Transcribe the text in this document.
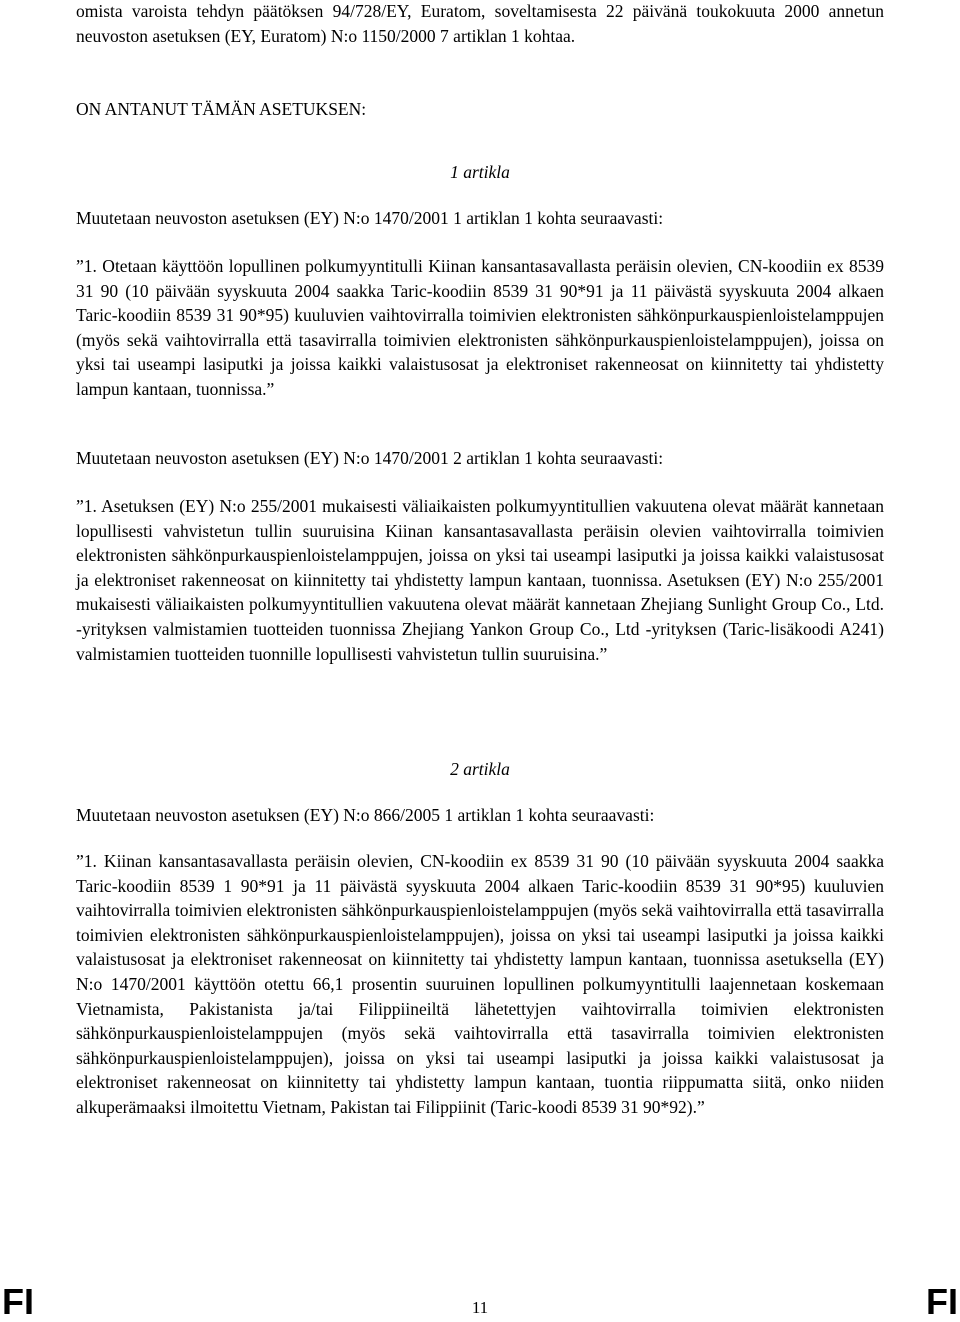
omista varoista tehdyn päätöksen 94/728/EY, Euratom, soveltamisesta 22 päivänä toukokuuta 2000 annetun neuvoston asetuksen (EY, Euratom) N:o 1150/2000 7 artiklan 1 kohtaa.

ON ANTANUT TÄMÄN ASETUKSEN:

1 artikla

Muutetaan neuvoston asetuksen (EY) N:o 1470/2001 1 artiklan 1 kohta seuraavasti:

”1. Otetaan käyttöön lopullinen polkumyyntitulli Kiinan kansantasavallasta peräisin olevien, CN-koodiin ex 8539 31 90 (10 päivään syyskuuta 2004 saakka Taric-koodiin 8539 31 90*91 ja 11 päivästä syyskuuta 2004 alkaen Taric-koodiin 8539 31 90*95) kuuluvien vaihtovirralla toimivien elektronisten sähkönpurkauspienloistelamppujen (myös sekä vaihtovirralla että tasavirralla toimivien elektronisten sähkönpurkauspienloistelamppujen), joissa on yksi tai useampi lasiputki ja joissa kaikki valaistusosat ja elektroniset rakenneosat on kiinnitetty tai yhdistetty lampun kantaan, tuonnissa.”

Muutetaan neuvoston asetuksen (EY) N:o 1470/2001 2 artiklan 1 kohta seuraavasti:

”1. Asetuksen (EY) N:o 255/2001 mukaisesti väliaikaisten polkumyyntitullien vakuutena olevat määrät kannetaan lopullisesti vahvistetun tullin suuruisina Kiinan kansantasavallasta peräisin olevien vaihtovirralla toimivien elektronisten sähkönpurkauspienloistelamppujen, joissa on yksi tai useampi lasiputki ja joissa kaikki valaistusosat ja elektroniset rakenneosat on kiinnitetty tai yhdistetty lampun kantaan, tuonnissa. Asetuksen (EY) N:o 255/2001 mukaisesti väliaikaisten polkumyyntitullien vakuutena olevat määrät kannetaan Zhejiang Sunlight Group Co., Ltd. -yrityksen valmistamien tuotteiden tuonnissa Zhejiang Yankon Group Co., Ltd -yrityksen (Taric-lisäkoodi A241) valmistamien tuotteiden tuonnille lopullisesti vahvistetun tullin suuruisina.”

2 artikla

Muutetaan neuvoston asetuksen (EY) N:o 866/2005 1 artiklan 1 kohta seuraavasti:

”1. Kiinan kansantasavallasta peräisin olevien, CN-koodiin ex 8539 31 90 (10 päivään syyskuuta 2004 saakka Taric-koodiin 8539 1 90*91 ja 11 päivästä syyskuuta 2004 alkaen Taric-koodiin 8539 31 90*95) kuuluvien vaihtovirralla toimivien elektronisten sähkönpurkauspienloistelamppujen (myös sekä vaihtovirralla että tasavirralla toimivien elektronisten sähkönpurkauspienloistelamppujen), joissa on yksi tai useampi lasiputki ja joissa kaikki valaistusosat ja elektroniset rakenneosat on kiinnitetty tai yhdistetty lampun kantaan, tuonnissa asetuksella (EY) N:o 1470/2001 käyttöön otettu 66,1 prosentin suuruinen lopullinen polkumyyntitulli laajennetaan koskemaan Vietnamista, Pakistanista ja/tai Filippiineiltä lähetettyjen vaihtovirralla toimivien elektronisten sähkönpurkauspienloistelamppujen (myös sekä vaihtovirralla että tasavirralla toimivien elektronisten sähkönpurkauspienloistelamppujen), joissa on yksi tai useampi lasiputki ja joissa kaikki valaistusosat ja elektroniset rakenneosat on kiinnitetty tai yhdistetty lampun kantaan, tuontia riippumatta siitä, onko niiden alkuperämaaksi ilmoitettu Vietnam, Pakistan tai Filippiinit (Taric-koodi 8539 31 90*92).”

FI	11	FI
